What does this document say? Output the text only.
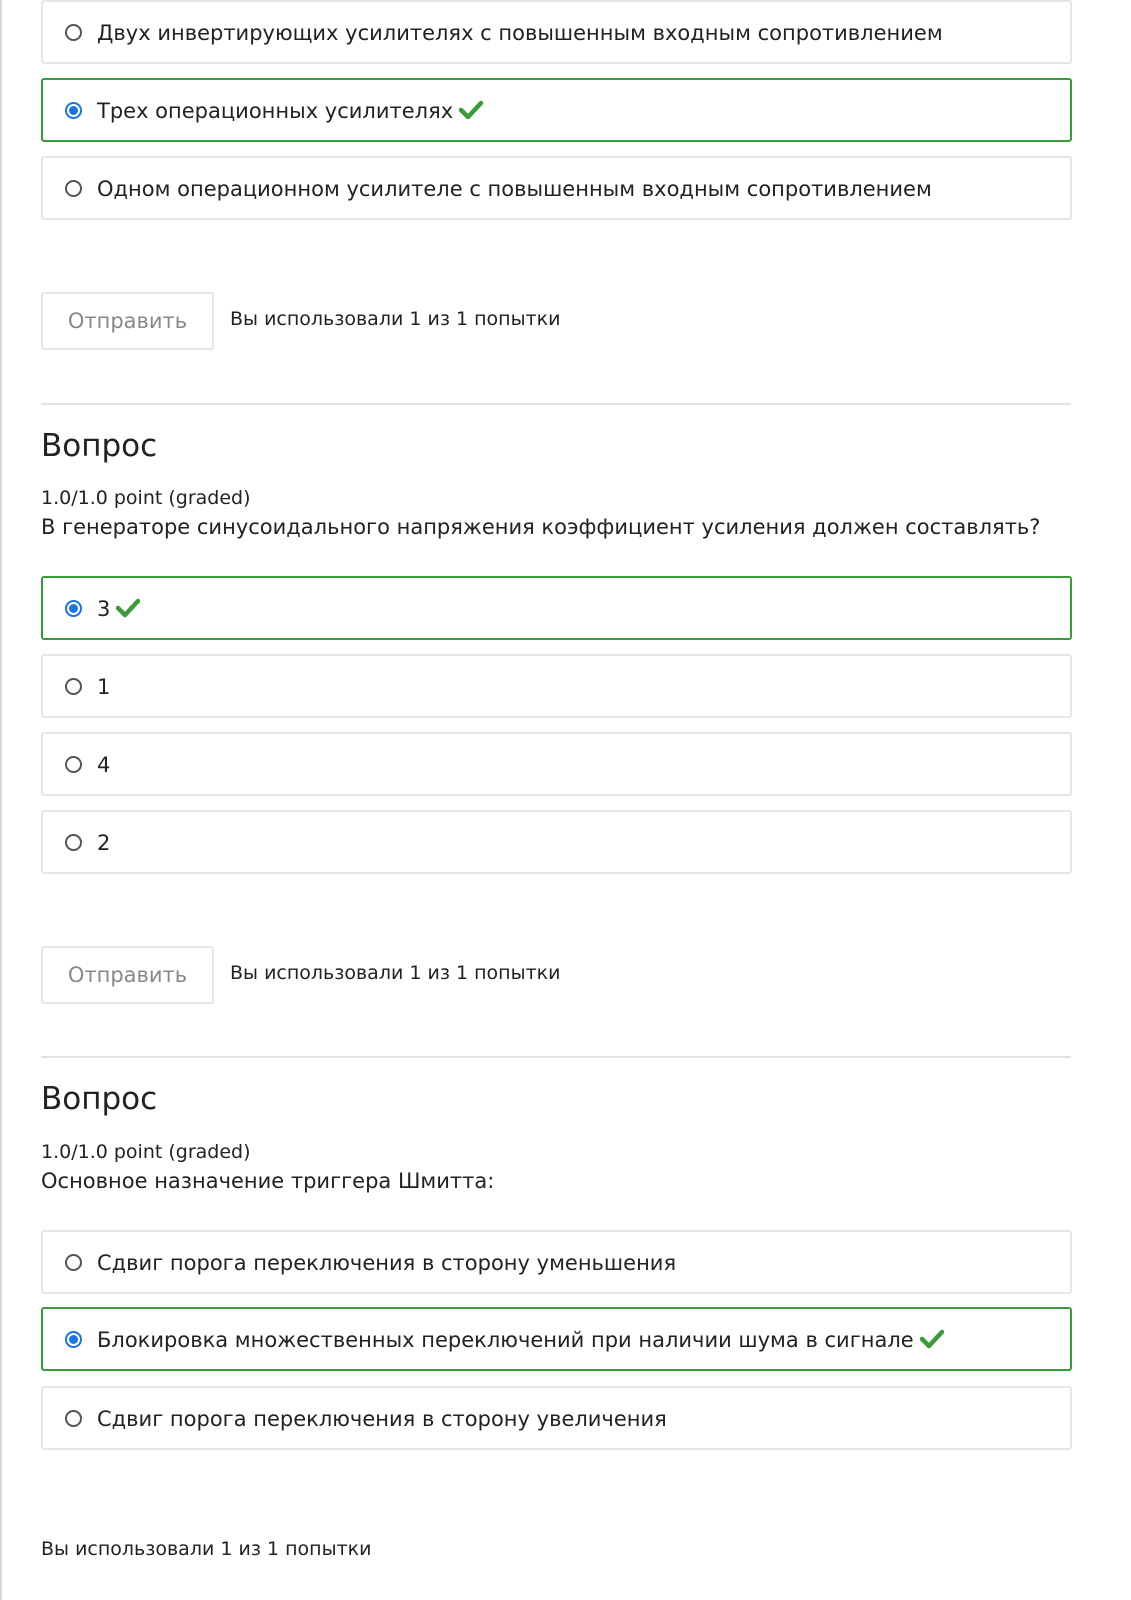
Двух инвертирующих усилителях с повышенным входным сопротивлением
Трех операционных усилителях
Одном операционном усилителе с повышенным входным сопротивлением
Отправить	Вы использовали 1 из 1 попытки
Вопрос
1.0/1.0 point (graded)
В генераторе синусоидального напряжения коэффициент усиления должен составлять?
3
1
4
2
Отправить	Вы использовали 1 из 1 попытки
Вопрос
1.0/1.0 point (graded)
Основное назначение триггера Шмитта:
Сдвиг порога переключения в сторону уменьшения
Блокировка множественных переключений при наличии шума в сигнале
Сдвиг порога переключения в сторону увеличения
Вы использовали 1 из 1 попытки
